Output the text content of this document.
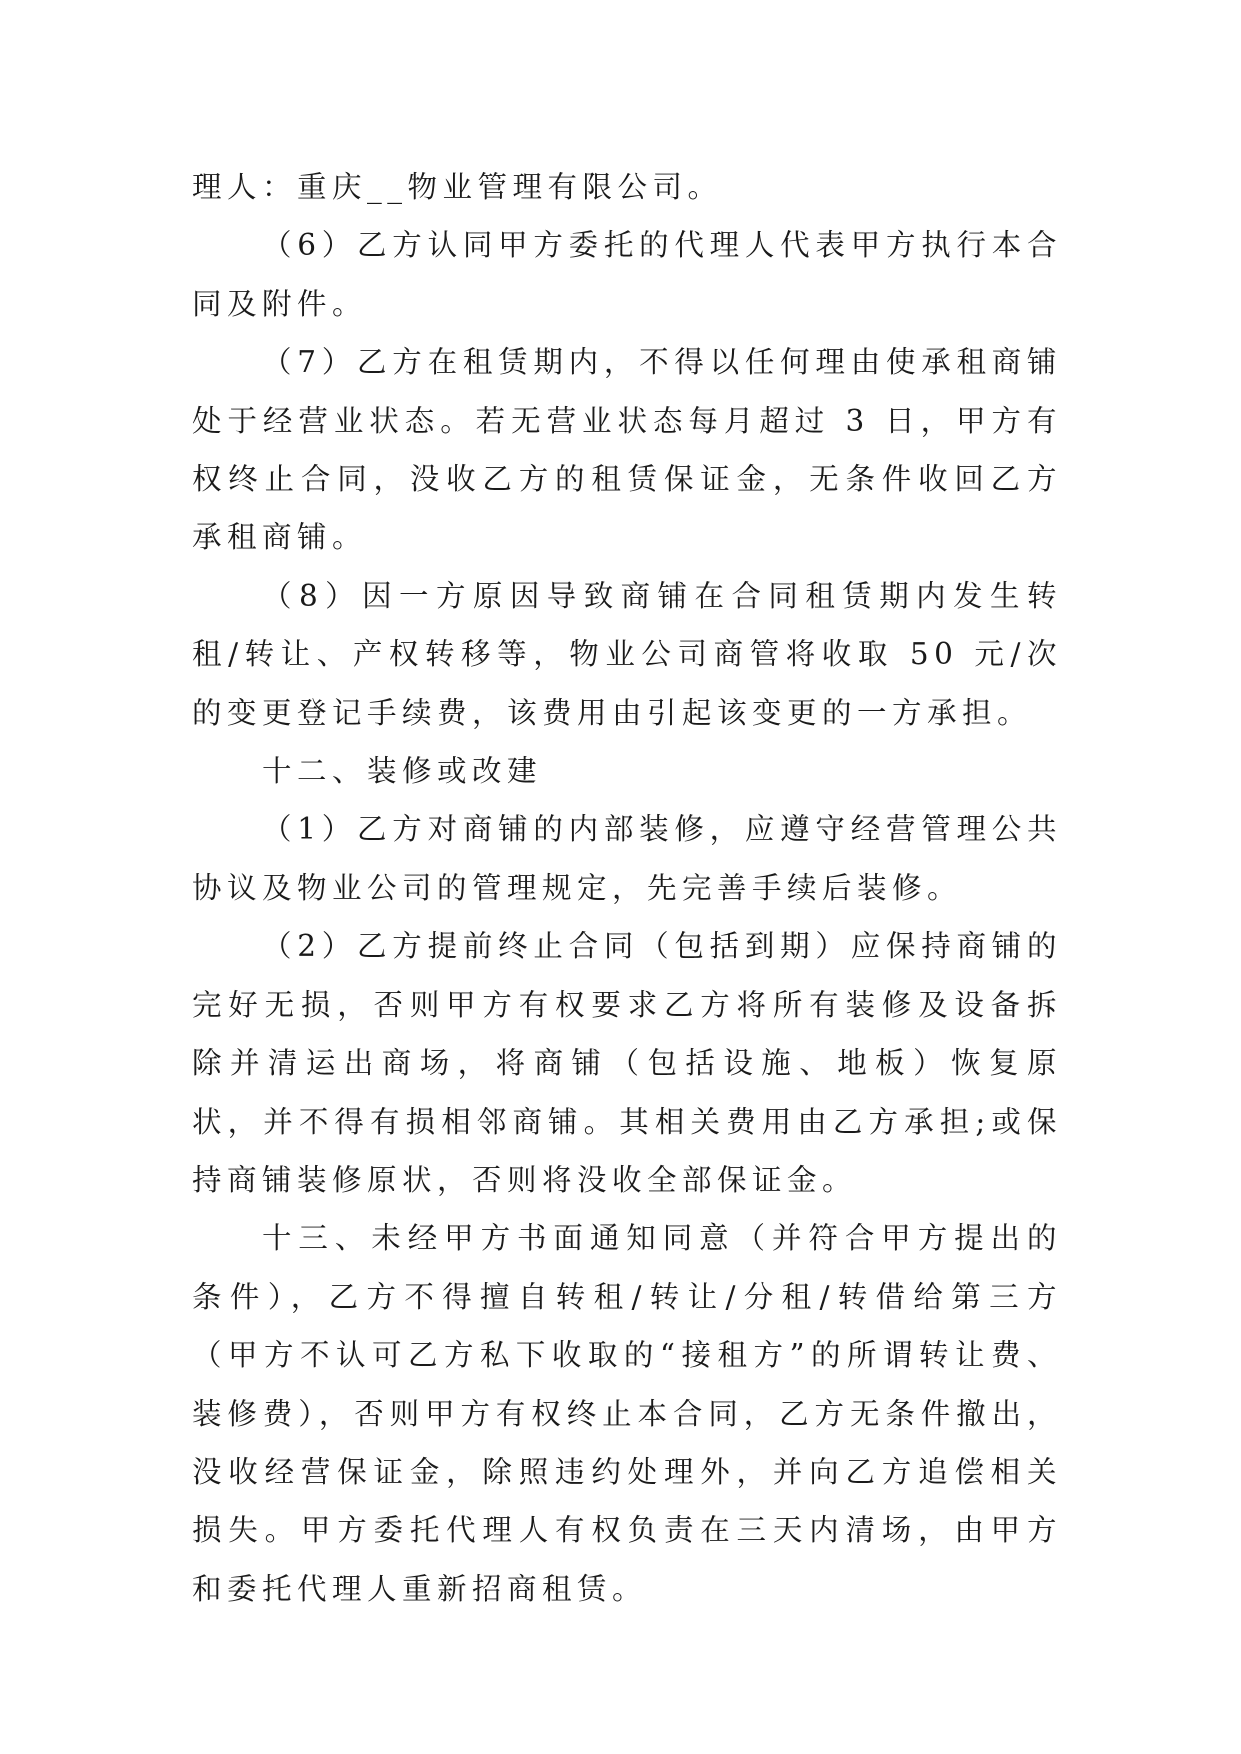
理人：重庆__物业管理有限公司。

（6）乙方认同甲方委托的代理人代表甲方执行本合同及附件。

（7）乙方在租赁期内，不得以任何理由使承租商铺处于经营业状态。若无营业状态每月超过 3 日，甲方有权终止合同，没收乙方的租赁保证金，无条件收回乙方承租商铺。

（8）因一方原因导致商铺在合同租赁期内发生转租/转让、产权转移等，物业公司商管将收取 50 元/次的变更登记手续费，该费用由引起该变更的一方承担。

十二、装修或改建

（1）乙方对商铺的内部装修，应遵守经营管理公共协议及物业公司的管理规定，先完善手续后装修。

（2）乙方提前终止合同（包括到期）应保持商铺的完好无损，否则甲方有权要求乙方将所有装修及设备拆除并清运出商场，将商铺（包括设施、地板）恢复原状，并不得有损相邻商铺。其相关费用由乙方承担;或保持商铺装修原状，否则将没收全部保证金。

十三、未经甲方书面通知同意（并符合甲方提出的条件），乙方不得擅自转租/转让/分租/转借给第三方（甲方不认可乙方私下收取的“接租方”的所谓转让费、装修费），否则甲方有权终止本合同，乙方无条件撤出，没收经营保证金，除照违约处理外，并向乙方追偿相关损失。甲方委托代理人有权负责在三天内清场，由甲方和委托代理人重新招商租赁。
